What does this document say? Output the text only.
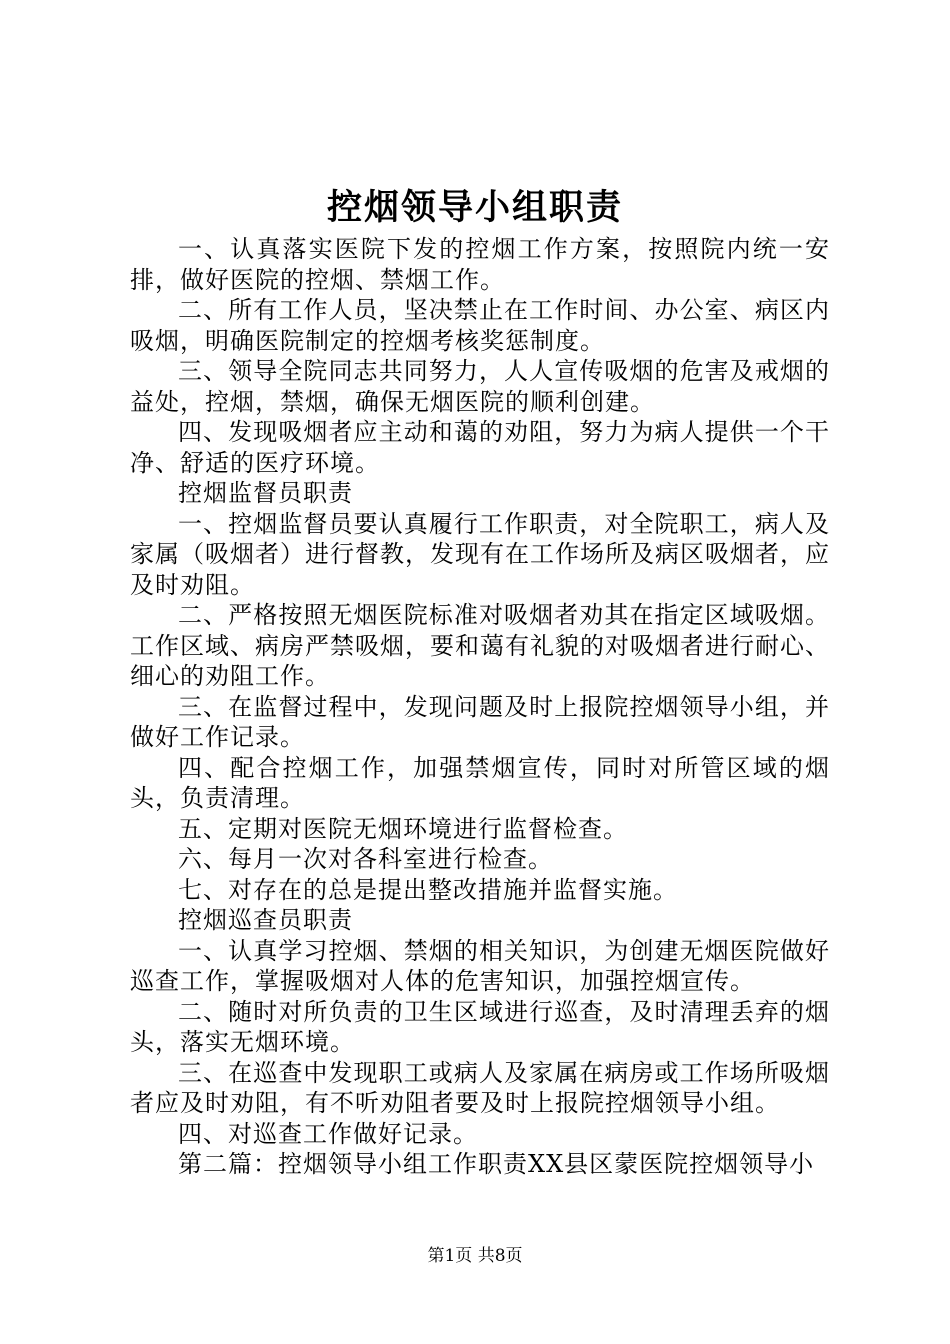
控烟领导小组职责

一、认真落实医院下发的控烟工作方案，按照院内统一安排，做好医院的控烟、禁烟工作。

二、所有工作人员，坚决禁止在工作时间、办公室、病区内吸烟，明确医院制定的控烟考核奖惩制度。

三、领导全院同志共同努力，人人宣传吸烟的危害及戒烟的益处，控烟，禁烟，确保无烟医院的顺利创建。

四、发现吸烟者应主动和蔼的劝阻，努力为病人提供一个干净、舒适的医疗环境。

控烟监督员职责

一、控烟监督员要认真履行工作职责，对全院职工，病人及家属（吸烟者）进行督教，发现有在工作场所及病区吸烟者，应及时劝阻。

二、严格按照无烟医院标准对吸烟者劝其在指定区域吸烟。工作区域、病房严禁吸烟，要和蔼有礼貌的对吸烟者进行耐心、细心的劝阻工作。

三、在监督过程中，发现问题及时上报院控烟领导小组，并做好工作记录。

四、配合控烟工作，加强禁烟宣传，同时对所管区域的烟头，负责清理。

五、定期对医院无烟环境进行监督检查。

六、每月一次对各科室进行检查。

七、对存在的总是提出整改措施并监督实施。

控烟巡查员职责

一、认真学习控烟、禁烟的相关知识，为创建无烟医院做好巡查工作，掌握吸烟对人体的危害知识，加强控烟宣传。

二、随时对所负责的卫生区域进行巡查，及时清理丢弃的烟头，落实无烟环境。

三、在巡查中发现职工或病人及家属在病房或工作场所吸烟者应及时劝阻，有不听劝阻者要及时上报院控烟领导小组。

四、对巡查工作做好记录。

第二篇：控烟领导小组工作职责XX县区蒙医院控烟领导小

第1页 共8页
